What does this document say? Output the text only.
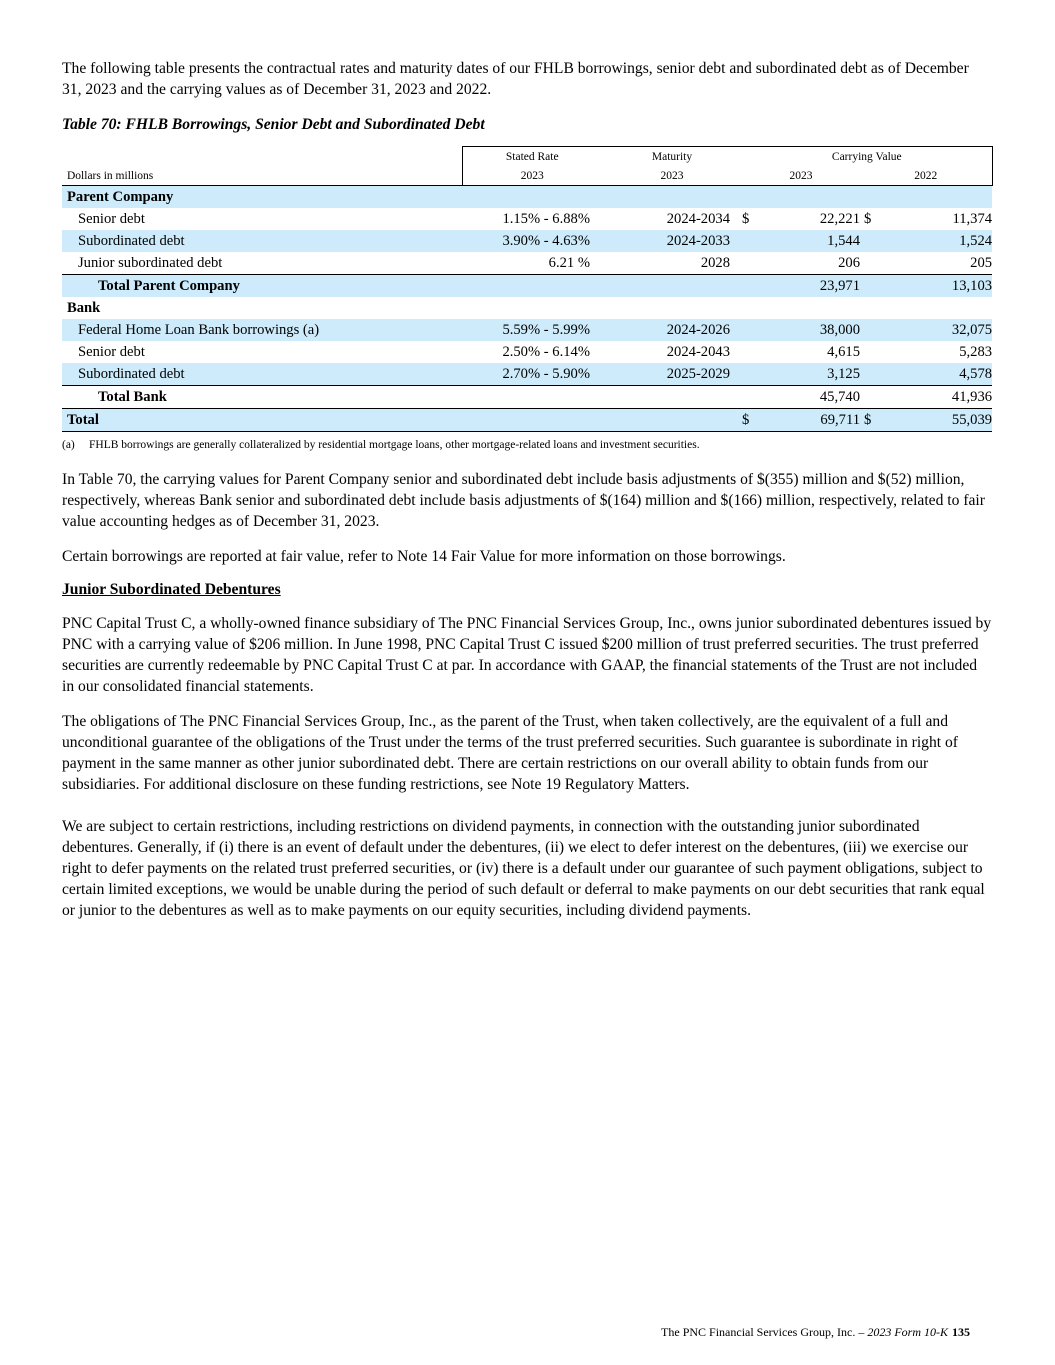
The following table presents the contractual rates and maturity dates of our FHLB borrowings, senior debt and subordinated debt as of December 31, 2023 and the carrying values as of December 31, 2023 and 2022.

Table 70: FHLB Borrowings, Senior Debt and Subordinated Debt
	Stated Rate	Maturity	Carrying Value			
Dollars in millions	2023	2023	2023		2022	
Parent Company						
Senior debt	1.15% - 6.88%	2024-2034	$	22,221	$	11,374
Subordinated debt	3.90% - 4.63%	2024-2033		1,544		1,524
Junior subordinated debt	6.21 %	2028		206		205
Total Parent Company				23,971		13,103
Bank						
Federal Home Loan Bank borrowings (a)	5.59% - 5.99%	2024-2026		38,000		32,075
Senior debt	2.50% - 6.14%	2024-2043		4,615		5,283
Subordinated debt	2.70% - 5.90%	2025-2029		3,125		4,578
Total Bank				45,740		41,936
Total			$	69,711	$	55,039
(a) FHLB borrowings are generally collateralized by residential mortgage loans, other mortgage-related loans and investment securities.

In Table 70, the carrying values for Parent Company senior and subordinated debt include basis adjustments of $(355) million and $(52) million, respectively, whereas Bank senior and subordinated debt include basis adjustments of $(164) million and $(166) million, respectively, related to fair value accounting hedges as of December 31, 2023.

Certain borrowings are reported at fair value, refer to Note 14 Fair Value for more information on those borrowings.

Junior Subordinated Debentures

PNC Capital Trust C, a wholly-owned finance subsidiary of The PNC Financial Services Group, Inc., owns junior subordinated debentures issued by PNC with a carrying value of $206 million. In June 1998, PNC Capital Trust C issued $200 million of trust preferred securities. The trust preferred securities are currently redeemable by PNC Capital Trust C at par. In accordance with GAAP, the financial statements of the Trust are not included in our consolidated financial statements.

The obligations of The PNC Financial Services Group, Inc., as the parent of the Trust, when taken collectively, are the equivalent of a full and unconditional guarantee of the obligations of the Trust under the terms of the trust preferred securities. Such guarantee is subordinate in right of payment in the same manner as other junior subordinated debt. There are certain restrictions on our overall ability to obtain funds from our subsidiaries. For additional disclosure on these funding restrictions, see Note 19 Regulatory Matters.

We are subject to certain restrictions, including restrictions on dividend payments, in connection with the outstanding junior subordinated debentures. Generally, if (i) there is an event of default under the debentures, (ii) we elect to defer interest on the debentures, (iii) we exercise our right to defer payments on the related trust preferred securities, or (iv) there is a default under our guarantee of such payment obligations, subject to certain limited exceptions, we would be unable during the period of such default or deferral to make payments on our debt securities that rank equal or junior to the debentures as well as to make payments on our equity securities, including dividend payments.

The PNC Financial Services Group, Inc. – 2023 Form 10-K 135
